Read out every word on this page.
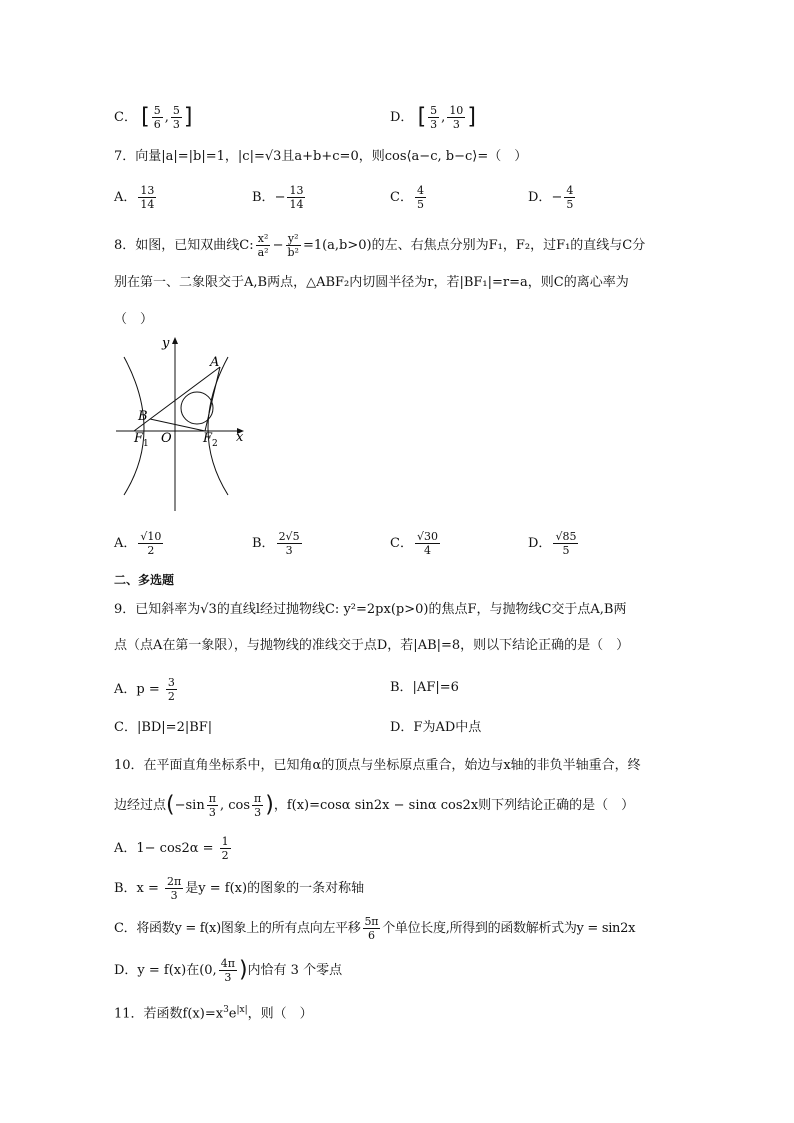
C． [ $\frac{5}{6}$ , $\frac{5}{3}$ ]	D． [ $\frac{5}{3}$ , $\frac{10}{3}$ ]
7．向量|a|=|b|=1，|c|=√3且a+b+c=0，则cos⟨a−c, b−c⟩=（　）
A． $\frac{13}{14}$	B．− $\frac{13}{14}$	C． $\frac{4}{5}$	D．− $\frac{4}{5}$
8．如图，已知双曲线C: $\frac{\text{x²}}{\text{a²}} - \frac{\text{y²}}{\text{b²}} =1(a,b>0)$的左、右焦点分别为F₁，F₂，过F₁的直线与C分
别在第一、二象限交于A,B两点，△ABF₂内切圆半径为r，若|BF₁|=r=a，则C的离心率为
（　）
y
x
A
B
O
F 1	F 2
A． $\frac{√10}{2}$	B． $\frac{2√5}{3}$	C． $\frac{√30}{4}$	D． $\frac{√85}{5}$
二、多选题
9．已知斜率为√3的直线l经过抛物线C: y²=2px(p>0)的焦点F，与抛物线C交于点A,B两
点（点A在第一象限），与抛物线的准线交于点D，若|AB|=8，则以下结论正确的是（　）
A．$p = \frac{3}{2}$	B．|AF|=6
C．|BD|=2|BF|	D．F为AD中点
10．在平面直角坐标系中，已知角α的顶点与坐标原点重合，始边与x轴的非负半轴重合，终
边经过点($-\sin \frac{\pi}{3}$ , $\cos \frac{\pi}{3}$ )，f(x)=cosα sin2x − sinα cos2x则下列结论正确的是（　）
A．$1- \cos 2\alpha = \frac{1}{2}$
B．$x = \frac{2\pi}{3}$ 是y = f(x)的图象的一条对称轴
C．将函数y = f(x)图象上的所有点向左平移 $\frac{5\pi}{6}$ 个单位长度,所得到的函数解析式为y = sin2x
D．y = f(x)在(0, $\frac{4\pi}{3}$ )内恰有 3 个零点
11．若函数$f(x)=x^3e^{|x|}$，则（　）
